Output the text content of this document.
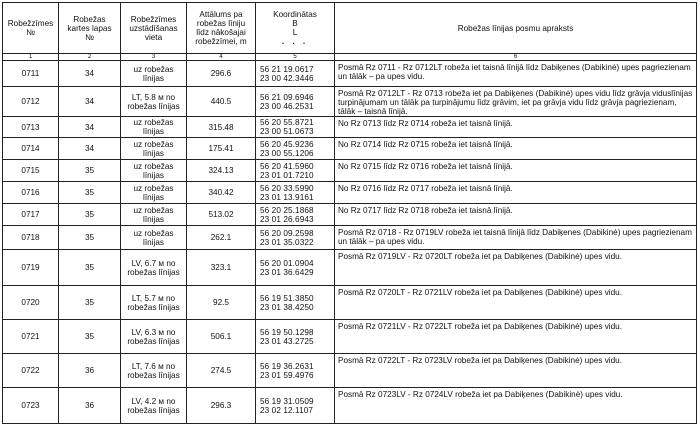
Robežzīmes №	Robežas kartes lapas №	Robežzīmes uzstādīšanas vieta	Attālums pa robežas līniju līdz nākošajai robežzīmei, m	Koordinātas
B
L
. . .	Robežas līnijas posmu apraksts
1	2	3	4	5	6
0711	34	uz robežas līnijas	296.6	56 21 19.0617
23 00 42.3446	Posmā Rz 0711 - Rz 0712LT robeža iet taisnā līnijā līdz Dabiķenes (Dabikinė) upes pagriezienam un tālāk – pa upes vidu.
0712	34	LT, 5.8 м no robežas līnijas	440.5	56 21 09.6946
23 00 46.2531	Posmā Rz 0712LT - Rz 0713 robeža iet pa Dabiķenes (Dabikinė) upes vidu līdz grāvja viduslīnijas turpinājumam un tālāk pa turpinājumu līdz grāvim, iet pa grāvja vidu līdz grāvja pagriezienam, tālāk – taisnā līnijā.
0713	34	uz robežas līnijas	315.48	56 20 55.8721
23 00 51.0673	No Rz 0713 līdz Rz 0714 robeža iet taisnā līnijā.
0714	34	uz robežas līnijas	175.41	56 20 45.9236
23 00 55.1206	No Rz 0714 līdz Rz 0715 robeža iet taisnā līnijā.
0715	35	uz robežas līnijas	324.13	56 20 41.5960
23 01 01.7210	No Rz 0715 līdz Rz 0716 robeža iet taisnā līnijā.
0716	35	uz robežas līnijas	340.42	56 20 33.5990
23 01 13.9161	No Rz 0716 līdz Rz 0717 robeža iet taisnā līnijā.
0717	35	uz robežas līnijas	513.02	56 20 25.1868
23 01 26.6943	No Rz 0717 līdz Rz 0718 robeža iet taisnā līnijā.
0718	35	uz robežas līnijas	262.1	56 20 09.2598
23 01 35.0322	Posmā Rz 0718 - Rz 0719LV robeža iet taisnā līnijā līdz Dabiķenes (Dabikinė) upes pagriezienam un tālāk – pa upes vidu.
0719	35	LV, 6.7 м no robežas līnijas	323.1	56 20 01.0904
23 01 36.6429	Posmā Rz 0719LV - Rz 0720LT robeža iet pa Dabiķenes (Dabikinė) upes vidu.
0720	35	LT, 5.7 м no robežas līnijas	92.5	56 19 51.3850
23 01 38.4250	Posmā Rz 0720LT - Rz 0721LV robeža iet pa Dabiķenes (Dabikinė) upes vidu.
0721	35	LV, 6.3 м no robežas līnijas	506.1	56 19 50.1298
23 01 43.2725	Posmā Rz 0721LV - Rz 0722LT robeža iet pa Dabiķenes (Dabikinė) upes vidu.
0722	36	LT, 7.6 м no robežas līnijas	274.5	56 19 36.2631
23 01 59.4976	Posmā Rz 0722LT - Rz 0723LV robeža iet pa Dabiķenes (Dabikinė) upes vidu.
0723	36	LV, 4.2 м no robežas līnijas	296.3	56 19 31.0509
23 02 12.1107	Posmā Rz 0723LV - Rz 0724LV robeža iet pa Dabiķenes (Dabikinė) upes vidu.
